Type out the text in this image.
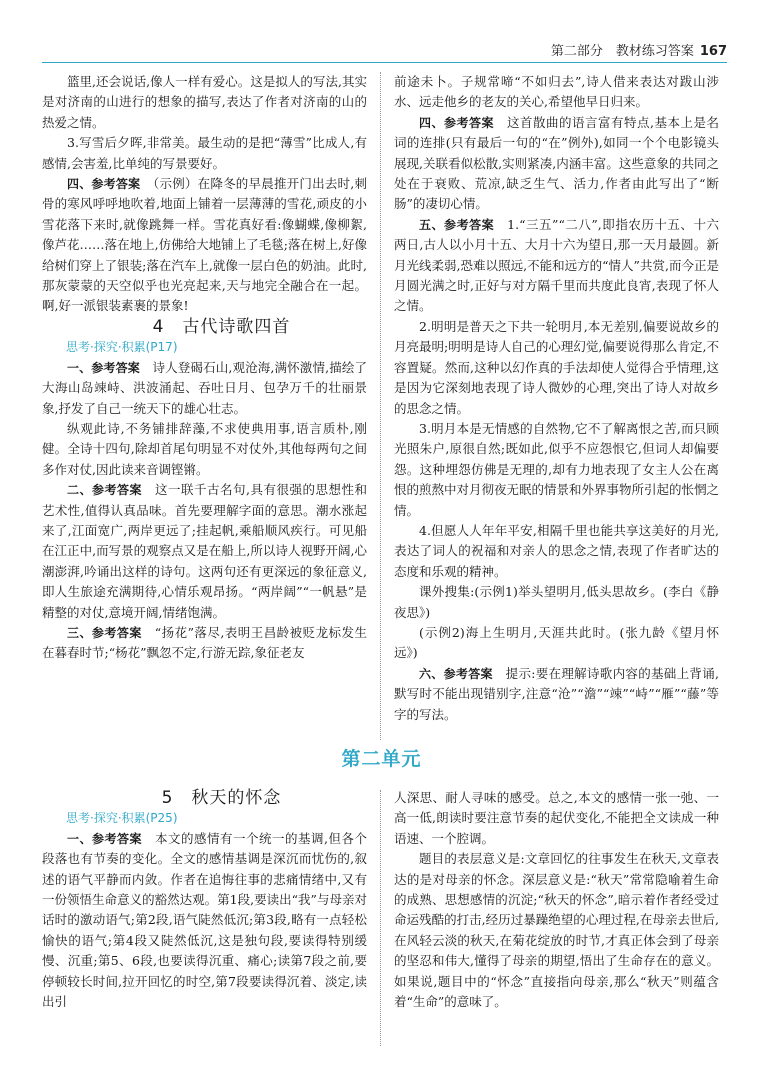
第二部分　教材练习答案 167

篮里,还会说话,像人一样有爱心。这是拟人的写法,其实是对济南的山进行的想象的描写,表达了作者对济南的山的热爱之情。

3.写雪后夕晖,非常美。最生动的是把“薄雪”比成人,有感情,会害羞,比单纯的写景要好。

四、参考答案　 （示例）在降冬的早晨推开门出去时,刺骨的寒风呼呼地吹着,地面上铺着一层薄薄的雪花,顽皮的小雪花落下来时,就像跳舞一样。雪花真好看:像蝴蝶,像柳絮,像芦花……落在地上,仿佛给大地铺上了毛毯;落在树上,好像给树们穿上了银装;落在汽车上,就像一层白色的奶油。此时,那灰蒙蒙的天空似乎也光亮起来,天与地完全融合在一起。啊,好一派银装素裹的景象!

4　古代诗歌四首

思考·探究·积累(P17)

一、参考答案　 诗人登碣石山,观沧海,满怀激情,描绘了大海山岛竦峙、洪波涌起、吞吐日月、包孕万千的壮丽景象,抒发了自己一统天下的雄心壮志。

纵观此诗,不务铺排辞藻,不求使典用事,语言质朴,刚健。全诗十四句,除却首尾句明显不对仗外,其他每两句之间多作对仗,因此读来音调铿锵。

二、参考答案　 这一联千古名句,具有很强的思想性和艺术性,值得认真品味。首先要理解字面的意思。潮水涨起来了,江面宽广,两岸更远了;挂起帆,乘船顺风疾行。可见船在江正中,而写景的观察点又是在船上,所以诗人视野开阔,心潮澎湃,吟诵出这样的诗句。这两句还有更深远的象征意义,即人生旅途充满期待,心情乐观昂扬。“两岸阔”“一帆悬”是精整的对仗,意境开阔,情绪饱满。

三、参考答案　 “扬花”落尽,表明王昌龄被贬龙标发生在暮春时节;“杨花”飘忽不定,行游无踪,象征老友

前途未卜。子规常啼“不如归去”,诗人借来表达对跋山涉水、远走他乡的老友的关心,希望他早日归来。

四、参考答案　 这首散曲的语言富有特点,基本上是名词的连排(只有最后一句的“在”例外),如同一个个电影镜头展现,关联看似松散,实则紧凑,内涵丰富。这些意象的共同之处在于衰败、荒凉,缺乏生气、活力,作者由此写出了“断肠”的凄切心情。

五、参考答案　 1.“三五”“二八”,即指农历十五、十六两日,古人以小月十五、大月十六为望日,那一天月最圆。新月光线柔弱,恐难以照远,不能和远方的“情人”共赏,而今正是月圆光满之时,正好与对方隔千里而共度此良宵,表现了怀人之情。

2.明明是普天之下共一轮明月,本无差别,偏要说故乡的月亮最明;明明是诗人自己的心理幻觉,偏要说得那么肯定,不容置疑。然而,这种以幻作真的手法却使人觉得合乎情理,这是因为它深刻地表现了诗人微妙的心理,突出了诗人对故乡的思念之情。

3.明月本是无情感的自然物,它不了解离恨之苦,而只顾光照朱户,原很自然;既如此,似乎不应怨恨它,但词人却偏要怨。这种埋怨仿佛是无理的,却有力地表现了女主人公在离恨的煎熬中对月彻夜无眠的情景和外界事物所引起的怅惘之情。

4.但愿人人年年平安,相隔千里也能共享这美好的月光,表达了词人的祝福和对亲人的思念之情,表现了作者旷达的态度和乐观的精神。

课外搜集:(示例1)举头望明月,低头思故乡。(李白《静夜思》)

(示例2)海上生明月,天涯共此时。(张九龄《望月怀远》)

六、参考答案　 提示:要在理解诗歌内容的基础上背诵,默写时不能出现错别字,注意“沧”“澹”“竦”“峙”“雁”“藤”等字的写法。

第二单元

5　秋天的怀念

思考·探究·积累(P25)

一、参考答案　 本文的感情有一个统一的基调,但各个段落也有节奏的变化。全文的感情基调是深沉而忧伤的,叙述的语气平静而内敛。作者在追悔往事的悲痛情绪中,又有一份领悟生命意义的豁然达观。第1段,要读出“我”与母亲对话时的激动语气;第2段,语气陡然低沉;第3段,略有一点轻松愉快的语气;第4段又陡然低沉,这是独句段,要读得特别缓慢、沉重;第5、6段,也要读得沉重、痛心;读第7段之前,要停顿较长时间,拉开回忆的时空,第7段要读得沉着、淡定,读出引

人深思、耐人寻味的感受。总之,本文的感情一张一弛、一高一低,朗读时要注意节奏的起伏变化,不能把全文读成一种语速、一个腔调。

题目的表层意义是:文章回忆的往事发生在秋天,文章表达的是对母亲的怀念。深层意义是:“秋天”常常隐喻着生命的成熟、思想感情的沉淀;“秋天的怀念”,暗示着作者经受过命运残酷的打击,经历过暴躁绝望的心理过程,在母亲去世后,在风轻云淡的秋天,在菊花绽放的时节,才真正体会到了母亲的坚忍和伟大,懂得了母亲的期望,悟出了生命存在的意义。如果说,题目中的“怀念”直接指向母亲,那么“秋天”则蕴含着“生命”的意味了。
